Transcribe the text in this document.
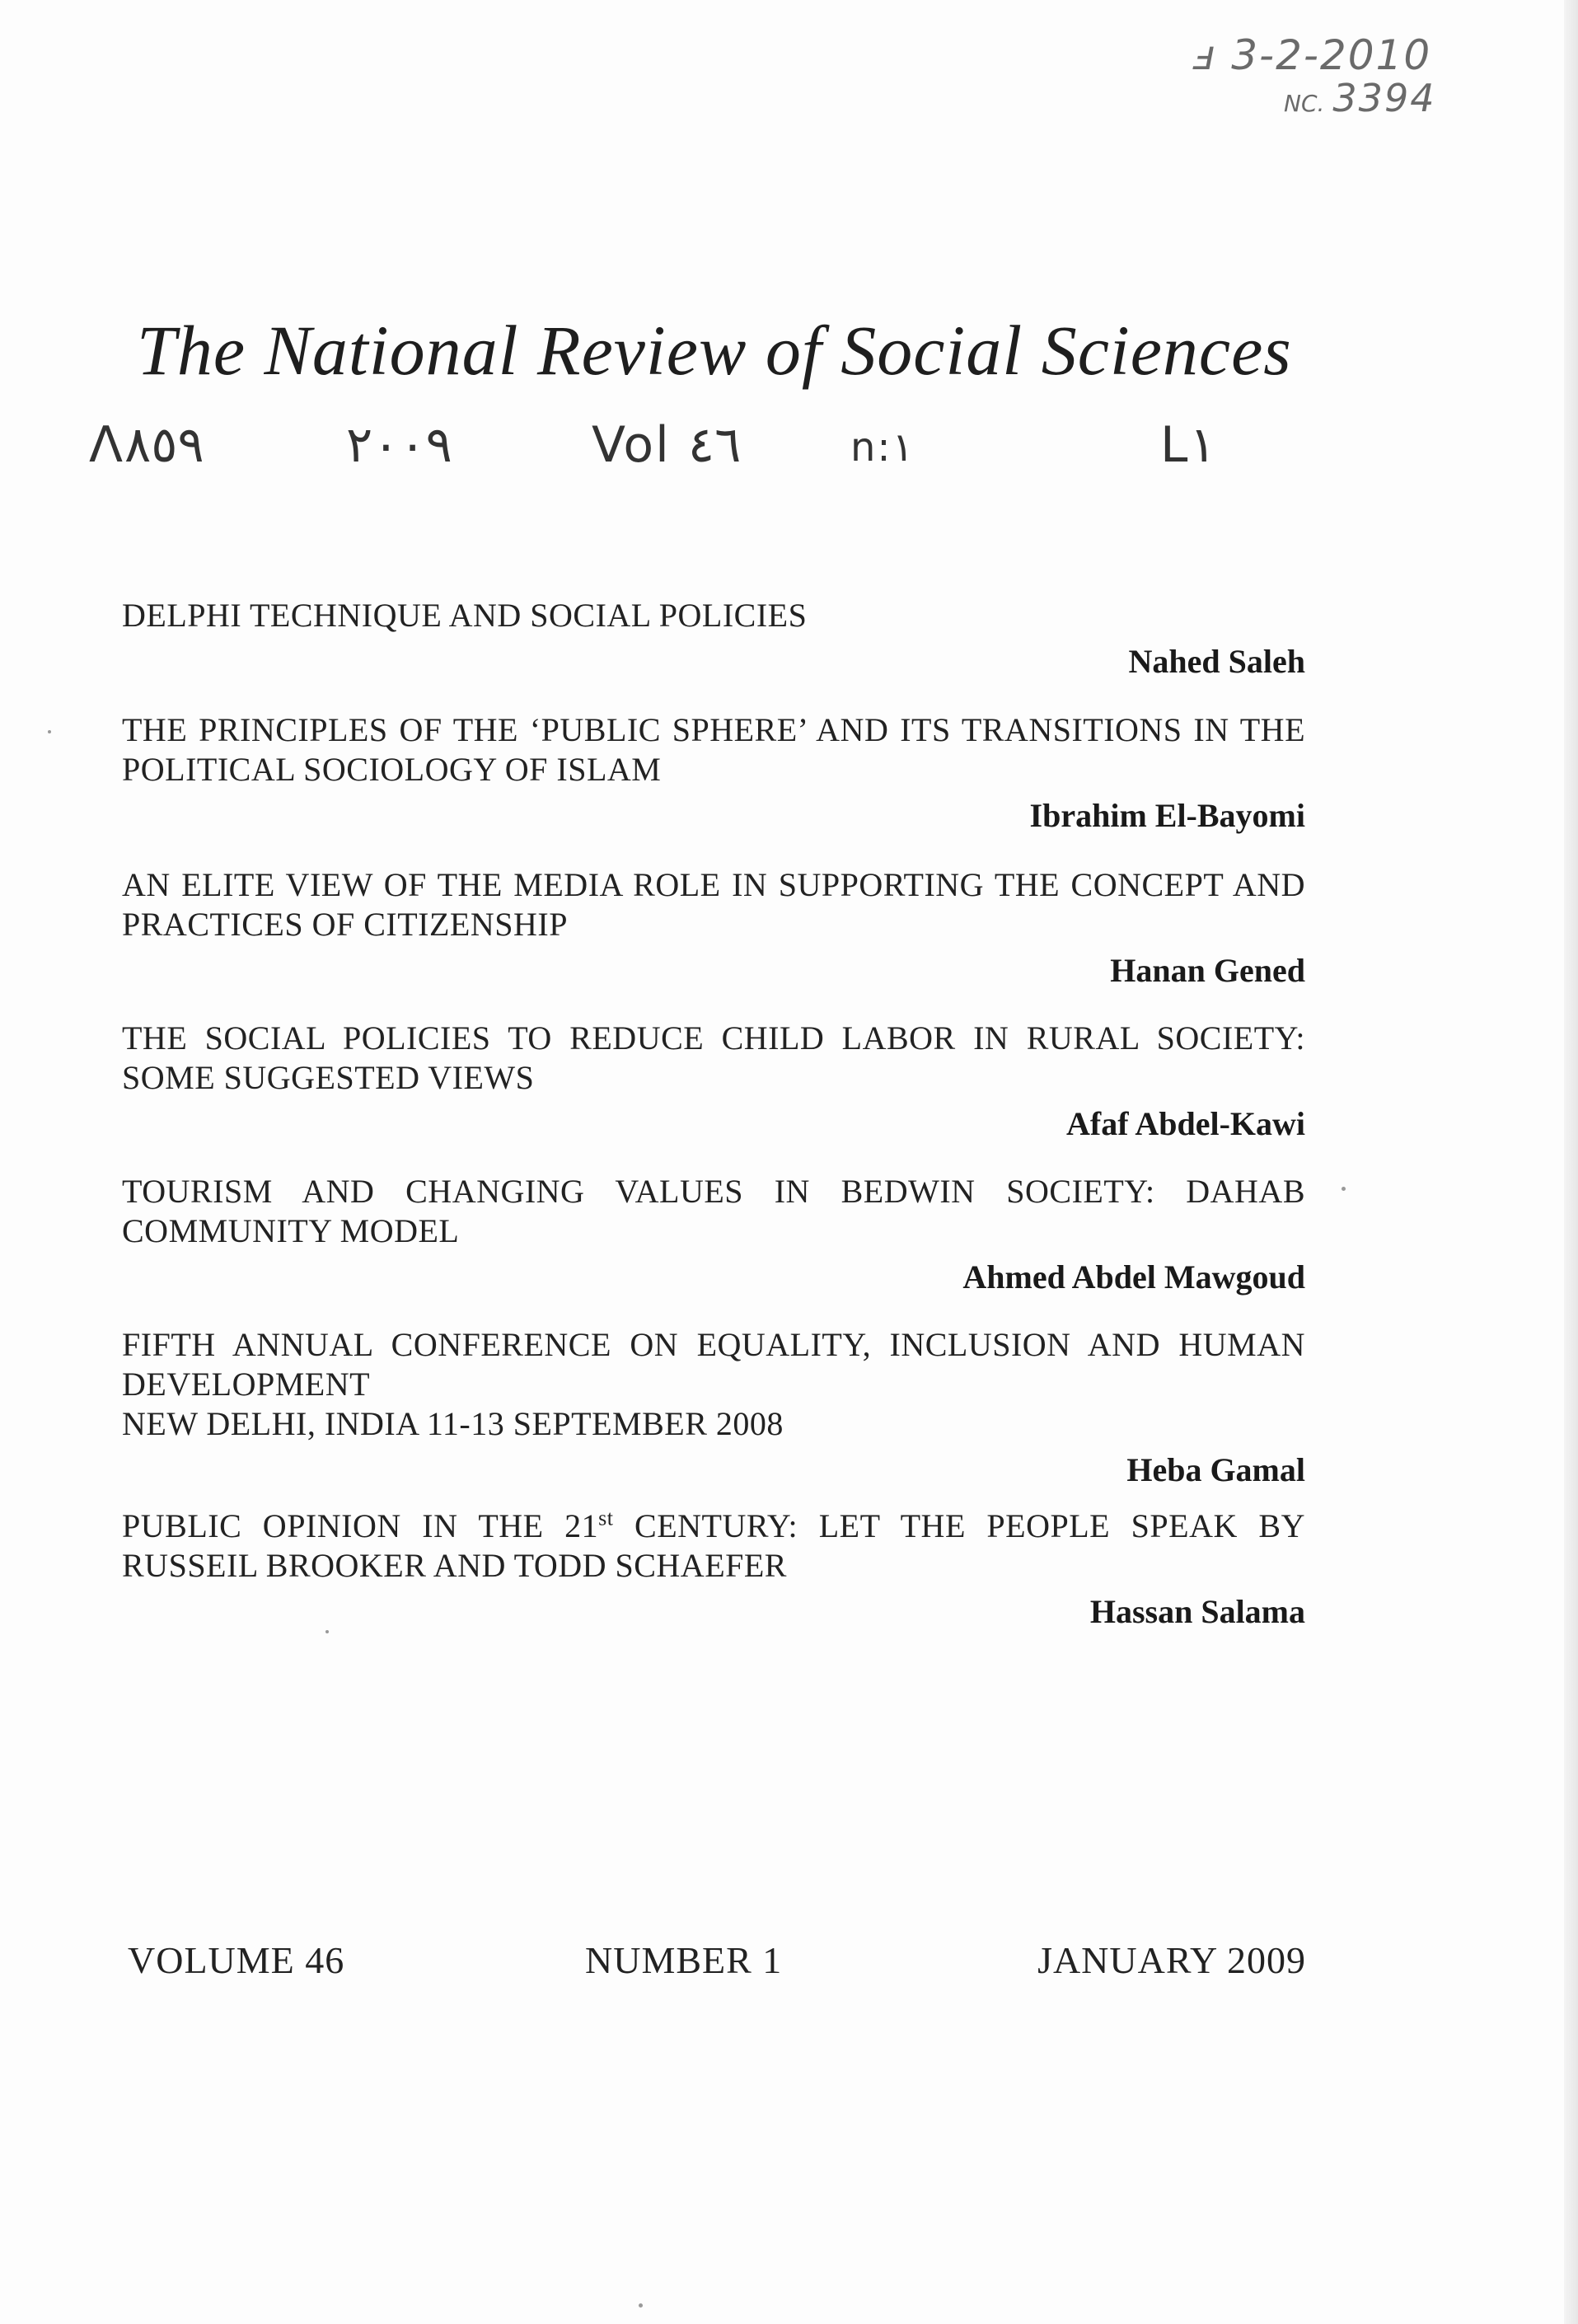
ⅎ 3-2-2010
NC. 3394
The National Review of Social Sciences
ᐱ٨٥٩	٢٠٠٩	Vol ٤٦	n:١	L١
DELPHI TECHNIQUE AND SOCIAL POLICIES
Nahed Saleh
THE PRINCIPLES OF THE ‘PUBLIC SPHERE’ AND ITS TRANSITIONS IN THE POLITICAL SOCIOLOGY OF ISLAM
Ibrahim El-Bayomi
AN ELITE VIEW OF THE MEDIA ROLE IN SUPPORTING THE CONCEPT AND PRACTICES OF CITIZENSHIP
Hanan Gened
THE SOCIAL POLICIES TO REDUCE CHILD LABOR IN RURAL SOCIETY: SOME SUGGESTED VIEWS
Afaf Abdel-Kawi
TOURISM AND CHANGING VALUES IN BEDWIN SOCIETY: DAHAB COMMUNITY MODEL
Ahmed Abdel Mawgoud
FIFTH ANNUAL CONFERENCE ON EQUALITY, INCLUSION AND HUMAN DEVELOPMENT
NEW DELHI, INDIA 11-13 SEPTEMBER 2008
Heba Gamal
PUBLIC OPINION IN THE 21st CENTURY: LET THE PEOPLE SPEAK BY RUSSEIL BROOKER AND TODD SCHAEFER
Hassan Salama
VOLUME 46	NUMBER 1	JANUARY 2009
